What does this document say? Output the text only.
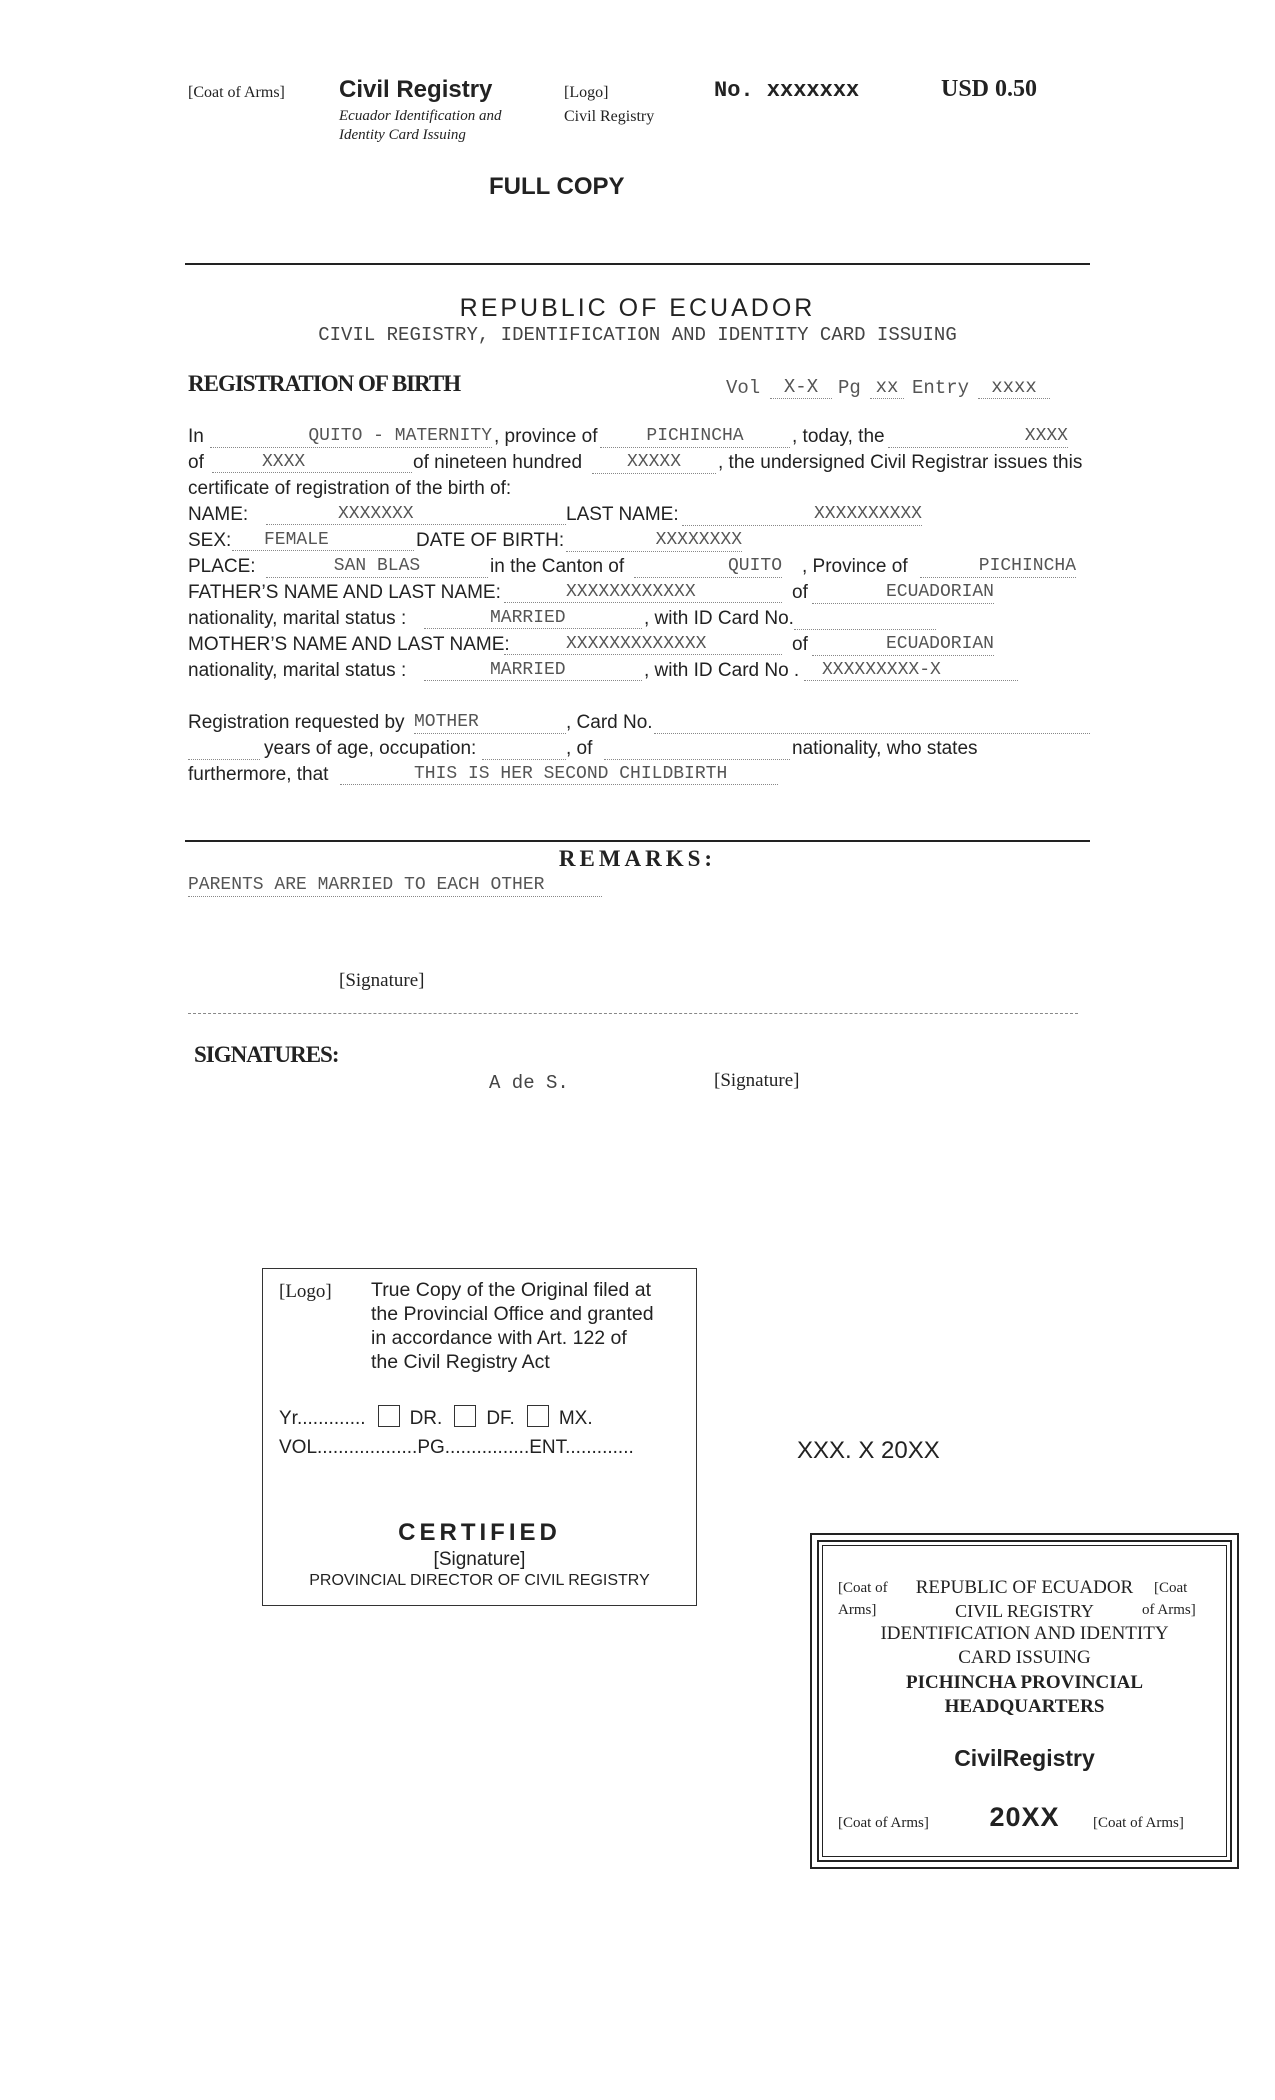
[Coat of Arms] Civil Registry
Ecuador Identification and
Identity Card Issuing
[Logo]
Civil Registry
No. xxxxxxx	USD 0.50
FULL COPY
REPUBLIC OF ECUADOR
CIVIL REGISTRY, IDENTIFICATION AND IDENTITY CARD ISSUING
REGISTRATION OF BIRTH	Vol	X-X	Pg xx Entry	xxxx
In	QUITO - MATERNITY , province of	PICHINCHA	, today, the	XXXX
of	XXXX	of nineteen hundred	XXXXX	, the undersigned Civil Registrar issues this
certificate of registration of the birth of:
NAME:	XXXXXXX	LAST NAME:	XXXXXXXXXX
SEX:	FEMALE	DATE OF BIRTH:	XXXXXXXX
PLACE:	SAN BLAS	in the Canton of	QUITO , Province of	PICHINCHA
FATHER’S NAME AND LAST NAME:	XXXXXXXXXXXX	of	ECUADORIAN
nationality, marital status :	MARRIED	, with ID Card No.
MOTHER’S NAME AND LAST NAME:	XXXXXXXXXXXXX	of	ECUADORIAN
nationality, marital status :	MARRIED	, with ID Card No .	XXXXXXXXX-X
Registration requested by MOTHER	, Card No.
years of age, occupation:	, of	nationality, who states
furthermore, that	THIS IS HER SECOND CHILDBIRTH
REMARKS:
PARENTS ARE MARRIED TO EACH OTHER
[Signature]
SIGNATURES:
A de S.	[Signature]
[Logo] True Copy of the Original filed at
the Provincial Office and granted
in accordance with Art. 122 of
the Civil Registry Act
Yr............. DR. DF. MX.
VOL...................PG................ENT.............
CERTIFIED
[Signature]
PROVINCIAL DIRECTOR OF CIVIL REGISTRY
XXX. X 20XX
[Coat of
Arms]
REPUBLIC OF ECUADOR	[Coat
of Arms]
CIVIL REGISTRY
IDENTIFICATION AND IDENTITY
CARD ISSUING
PICHINCHA PROVINCIAL
HEADQUARTERS
CivilRegistry
[Coat of Arms]	20XX	[Coat of Arms]
